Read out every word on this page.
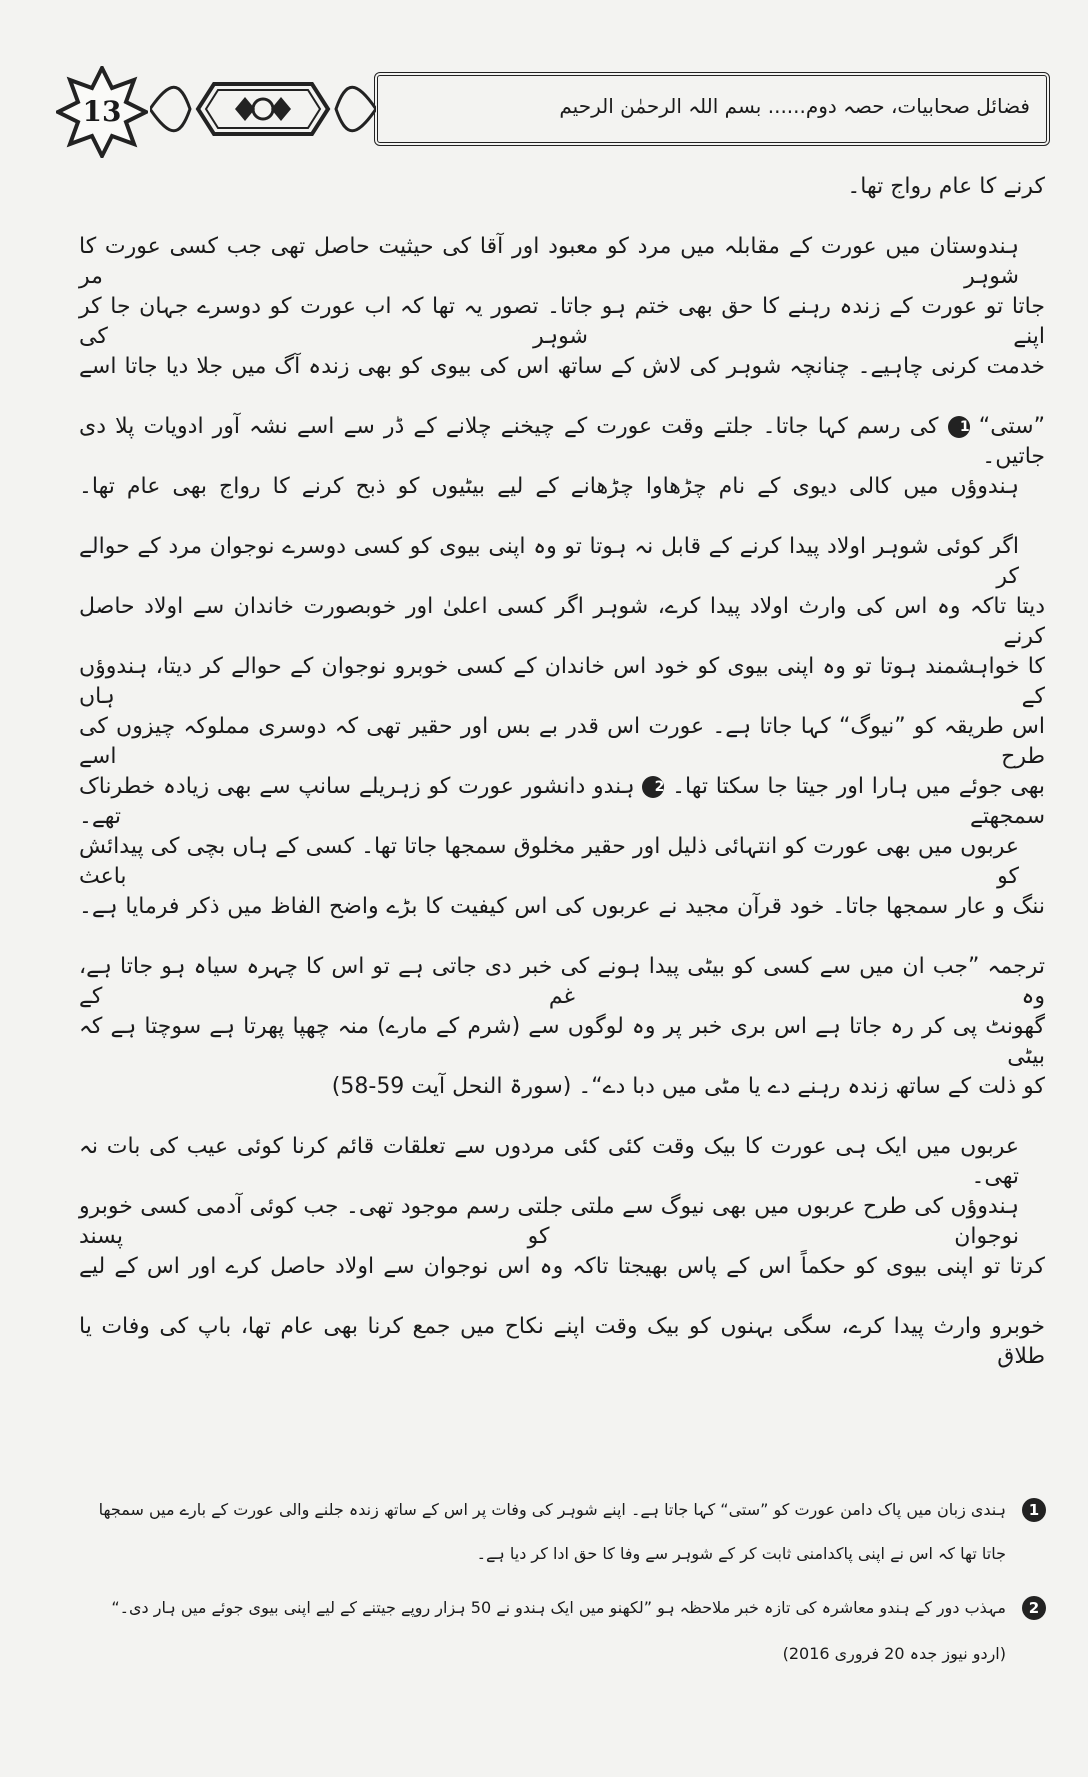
13	فضائل صحابیات، حصہ دوم...... بسم اللہ الرحمٰن الرحیم
کرنے کا عام رواج تھا۔
ہندوستان میں عورت کے مقابلہ میں مرد کو معبود اور آقا کی حیثیت حاصل تھی جب کسی عورت کا شوہر مر
جاتا تو عورت کے زندہ رہنے کا حق بھی ختم ہو جاتا۔ تصور یہ تھا کہ اب عورت کو دوسرے جہان جا کر اپنے شوہر کی
خدمت کرنی چاہیے۔ چنانچہ شوہر کی لاش کے ساتھ اس کی بیوی کو بھی زندہ آگ میں جلا دیا جاتا اسے
”ستی“ 1 کی رسم کہا جاتا۔ جلتے وقت عورت کے چیخنے چلانے کے ڈر سے اسے نشہ آور ادویات پلا دی جاتیں۔
ہندوؤں میں کالی دیوی کے نام چڑھاوا چڑھانے کے لیے بیٹیوں کو ذبح کرنے کا رواج بھی عام تھا۔
اگر کوئی شوہر اولاد پیدا کرنے کے قابل نہ ہوتا تو وہ اپنی بیوی کو کسی دوسرے نوجوان مرد کے حوالے کر
دیتا تاکہ وہ اس کی وارث اولاد پیدا کرے، شوہر اگر کسی اعلیٰ اور خوبصورت خاندان سے اولاد حاصل کرنے
کا خواہشمند ہوتا تو وہ اپنی بیوی کو خود اس خاندان کے کسی خوبرو نوجوان کے حوالے کر دیتا، ہندوؤں کے ہاں
اس طریقہ کو ”نیوگ“ کہا جاتا ہے۔ عورت اس قدر بے بس اور حقیر تھی کہ دوسری مملوکہ چیزوں کی طرح اسے
بھی جوئے میں ہارا اور جیتا جا سکتا تھا۔ 2 ہندو دانشور عورت کو زہریلے سانپ سے بھی زیادہ خطرناک سمجھتے تھے۔
عربوں میں بھی عورت کو انتہائی ذلیل اور حقیر مخلوق سمجھا جاتا تھا۔ کسی کے ہاں بچی کی پیدائش کو باعث
ننگ و عار سمجھا جاتا۔ خود قرآن مجید نے عربوں کی اس کیفیت کا بڑے واضح الفاظ میں ذکر فرمایا ہے۔
ترجمہ ”جب ان میں سے کسی کو بیٹی پیدا ہونے کی خبر دی جاتی ہے تو اس کا چہرہ سیاہ ہو جاتا ہے، وہ غم کے
گھونٹ پی کر رہ جاتا ہے اس بری خبر پر وہ لوگوں سے (شرم کے مارے) منہ چھپا پھرتا ہے سوچتا ہے کہ بیٹی
کو ذلت کے ساتھ زندہ رہنے دے یا مٹی میں دبا دے“۔ (سورۃ النحل آیت 59-58)
عربوں میں ایک ہی عورت کا بیک وقت کئی کئی مردوں سے تعلقات قائم کرنا کوئی عیب کی بات نہ تھی۔
ہندوؤں کی طرح عربوں میں بھی نیوگ سے ملتی جلتی رسم موجود تھی۔ جب کوئی آدمی کسی خوبرو نوجوان کو پسند
کرتا تو اپنی بیوی کو حکماً اس کے پاس بھیجتا تاکہ وہ اس نوجوان سے اولاد حاصل کرے اور اس کے لیے
خوبرو وارث پیدا کرے، سگی بہنوں کو بیک وقت اپنے نکاح میں جمع کرنا بھی عام تھا، باپ کی وفات یا طلاق
1
ہندی زبان میں پاک دامن عورت کو ”ستی“ کہا جاتا ہے۔ اپنے شوہر کی وفات پر اس کے ساتھ زندہ جلنے والی عورت کے بارے میں سمجھا
جاتا تھا کہ اس نے اپنی پاکدامنی ثابت کر کے شوہر سے وفا کا حق ادا کر دیا ہے۔
2
مہذب دور کے ہندو معاشرہ کی تازہ خبر ملاحظہ ہو ”لکھنو میں ایک ہندو نے 50 ہزار روپے جیتنے کے لیے اپنی بیوی جوئے میں ہار دی۔“
(اردو نیوز جدہ 20 فروری 2016)
